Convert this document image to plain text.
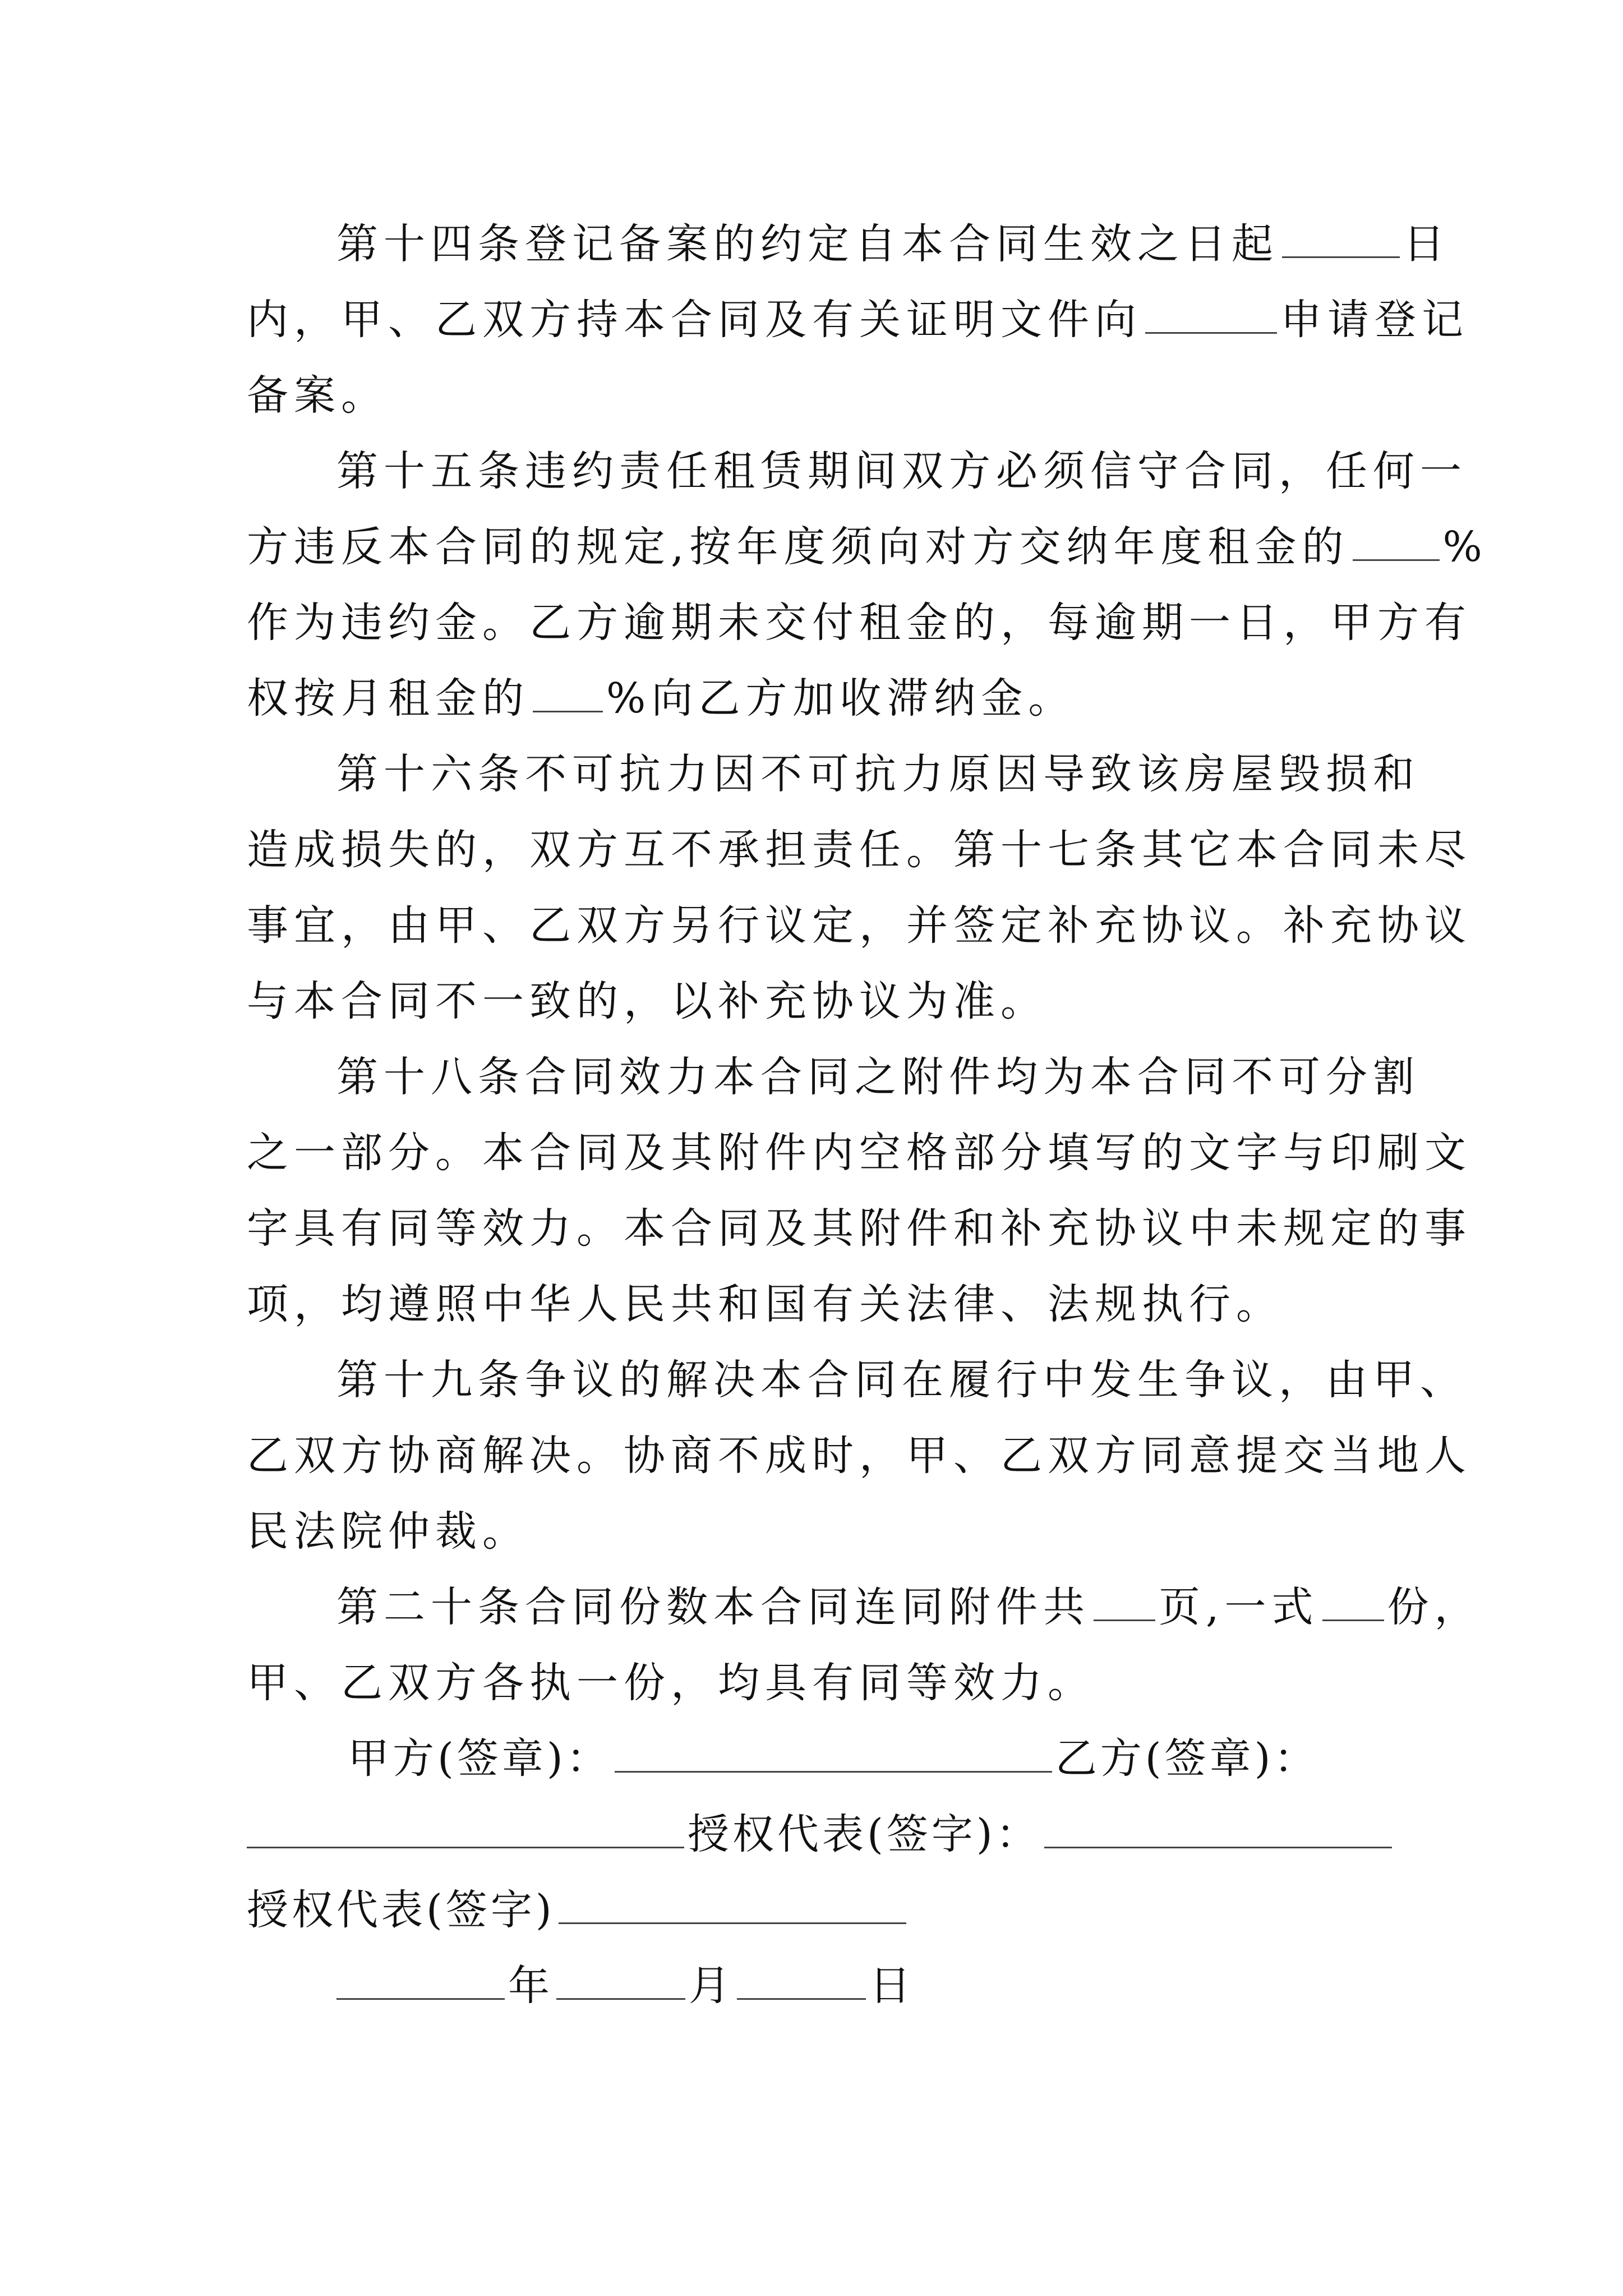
第十四条登记备案的约定自本合同生效之日起	日
内，甲、乙双方持本合同及有关证明文件向	申请登记
备案。
第十五条违约责任租赁期间双方必须信守合同，任何一
方违反本合同的规定,按年度须向对方交纳年度租金的 %
作为违约金。乙方逾期未交付租金的，每逾期一日，甲方有
权按月租金的 %向乙方加收滞纳金。
第十六条不可抗力因不可抗力原因导致该房屋毁损和
造成损失的，双方互不承担责任。第十七条其它本合同未尽
事宜，由甲、乙双方另行议定，并签定补充协议。补充协议
与本合同不一致的，以补充协议为准。
第十八条合同效力本合同之附件均为本合同不可分割
之一部分。本合同及其附件内空格部分填写的文字与印刷文
字具有同等效力。本合同及其附件和补充协议中未规定的事
项，均遵照中华人民共和国有关法律、法规执行。
第十九条争议的解决本合同在履行中发生争议，由甲、
乙双方协商解决。协商不成时，甲、乙双方同意提交当地人
民法院仲裁。
第二十条合同份数本合同连同附件共 页,一式 份，
甲、乙双方各执一份，均具有同等效力。
甲方(签章)：	乙方(签章)：
授权代表(签字)：
授权代表(签字)
年	月	日
